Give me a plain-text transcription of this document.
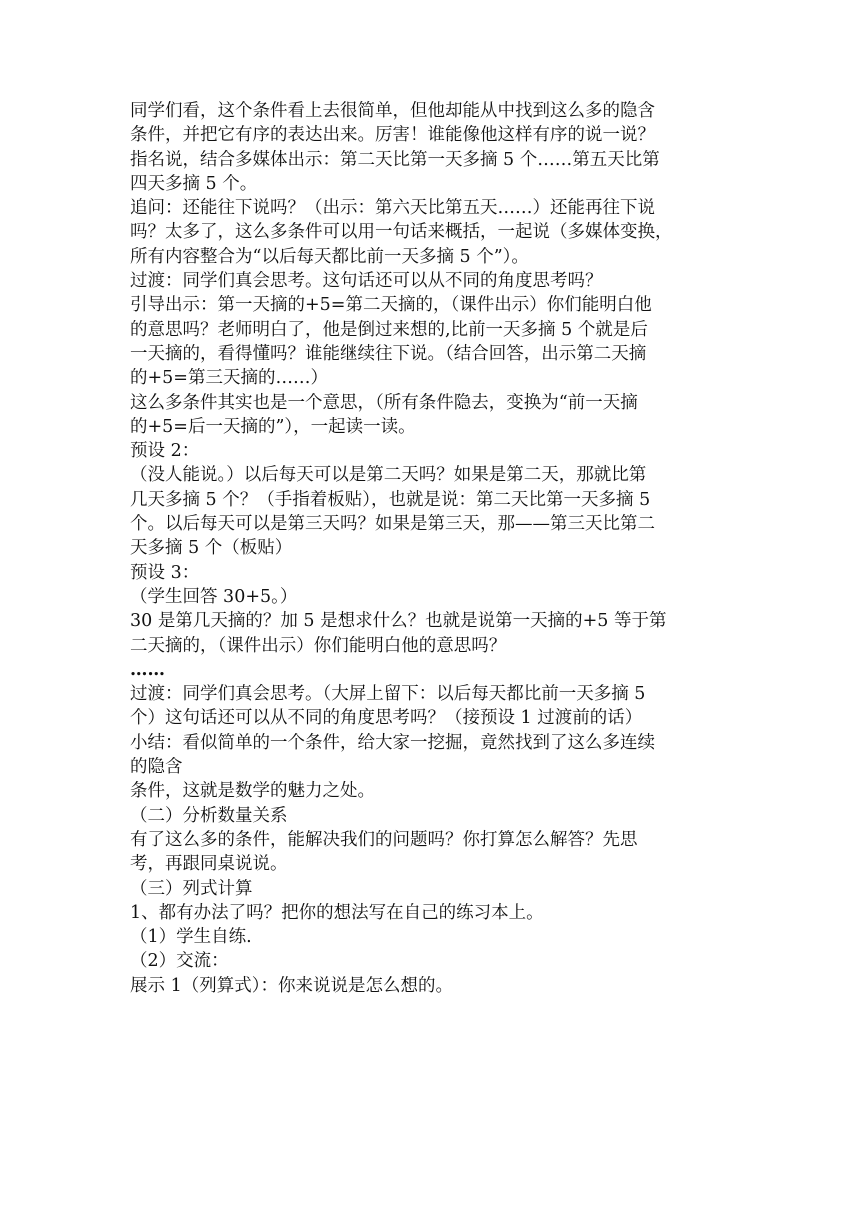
同学们看，这个条件看上去很简单，但他却能从中找到这么多的隐含
条件，并把它有序的表达出来。厉害！谁能像他这样有序的说一说？
指名说，结合多媒体出示：第二天比第一天多摘 5 个……第五天比第
四天多摘 5 个。
追问：还能往下说吗？（出示：第六天比第五天……）还能再往下说
吗？太多了，这么多条件可以用一句话来概括，一起说（多媒体变换，
所有内容整合为“以后每天都比前一天多摘 5 个”）。
过渡：同学们真会思考。这句话还可以从不同的角度思考吗？
引导出示：第一天摘的+5=第二天摘的，（课件出示）你们能明白他
的意思吗？老师明白了，他是倒过来想的,比前一天多摘 5 个就是后
一天摘的，看得懂吗？谁能继续往下说。（结合回答，出示第二天摘
的+5=第三天摘的……）
这么多条件其实也是一个意思，（所有条件隐去，变换为“前一天摘
的+5=后一天摘的”），一起读一读。
预设 2：
（没人能说。）以后每天可以是第二天吗？如果是第二天，那就比第
几天多摘 5 个？（手指着板贴），也就是说：第二天比第一天多摘 5
个。以后每天可以是第三天吗？如果是第三天，那——第三天比第二
天多摘 5 个（板贴）
预设 3：
（学生回答 30+5。）
30 是第几天摘的？加 5 是想求什么？也就是说第一天摘的+5 等于第
二天摘的，（课件出示）你们能明白他的意思吗？
……
过渡：同学们真会思考。（大屏上留下：以后每天都比前一天多摘 5
个）这句话还可以从不同的角度思考吗？（接预设 1 过渡前的话）
小结：看似简单的一个条件，给大家一挖掘，竟然找到了这么多连续
的隐含
条件，这就是数学的魅力之处。
（二）分析数量关系
有了这么多的条件，能解决我们的问题吗？你打算怎么解答？先思
考，再跟同桌说说。
（三）列式计算
1、都有办法了吗？把你的想法写在自己的练习本上。
（1）学生自练.
（2）交流：
展示 1（列算式）：你来说说是怎么想的。
